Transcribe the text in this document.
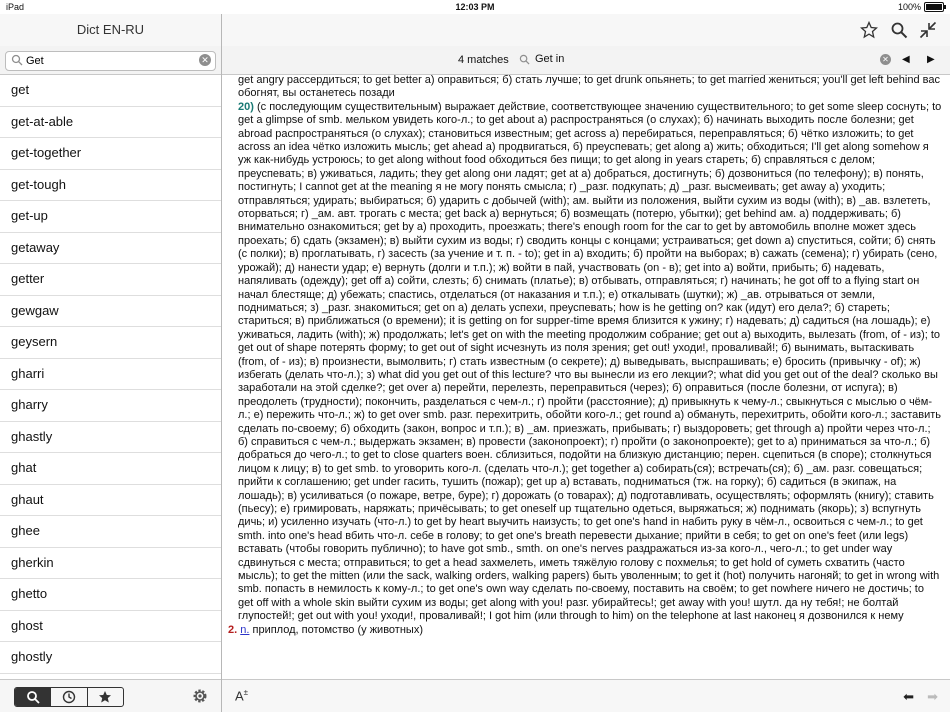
iPad	12:03 PM	100%
Dict EN-RU
Get
✕
get
get-at-able
get-together
get-tough
get-up
getaway
getter
gewgaw
geysern
gharri
gharry
ghastly
ghat
ghaut
ghee
gherkin
ghetto
ghost
ghostly
4 matches Get in	✕ ◀ ▶

get angry рассердиться; to get better а) оправиться; б) стать лучше; to get drunk опьянеть; to get married жениться; you'll get left behind вас обогнят, вы останетесь позади

20) (с последующим существительным) выражает действие, соответствующее значению существительного; to get some sleep соснуть; to get a glimpse of smb. мельком увидеть кого-л.; to get about а) распространяться (о слухах); б) начинать выходить после болезни; get abroad распространяться (о слухах); становиться известным; get across а) перебираться, переправляться; б) чётко изложить; to get across an idea чётко изложить мысль; get ahead а) продвигаться, б) преуспевать; get along а) жить; обходиться; I'll get along somehow я уж как-нибудь устроюсь; to get along without food обходиться без пищи; to get along in years стареть; б) справляться с делом; преуспевать; в) уживаться, ладить; they get along они ладят; get at а) добраться, достигнуть; б) дозвониться (по телефону); в) понять, постигнуть; I cannot get at the meaning я не могу понять смысла; г) _разг. подкупать; д) _разг. высмеивать; get away а) уходить; отправляться; удирать; выбираться; б) ударить с добычей (with); ам. выйти из положения, выйти сухим из воды (with); в) _ав. взлететь, оторваться; г) _ам. авт. трогать с места; get back а) вернуться; б) возмещать (потерю, убытки); get behind ам. а) поддерживать; б) внимательно ознакомиться; get by а) проходить, проезжать; there's enough room for the car to get by автомобиль вполне может здесь проехать; б) сдать (экзамен); в) выйти сухим из воды; г) сводить концы с концами; устраиваться; get down а) спуститься, сойти; б) снять (с полки); в) проглатывать, г) засесть (за учение и т. п. - to); get in а) входить; б) пройти на выборах; в) сажать (семена); г) убирать (сено, урожай); д) нанести удар; е) вернуть (долги и т.п.); ж) войти в пай, участвовать (on - в); get into а) войти, прибыть; б) надевать, напяливать (одежду); get off а) сойти, слезть; б) снимать (платье); в) отбывать, отправляться; г) начинать; he got off to a flying start он начал блестяще; д) убежать; спастись, отделаться (от наказания и т.п.); е) откалывать (шутки); ж) _ав. отрываться от земли, подниматься; з) _разг. знакомиться; get on а) делать успехи, преуспевать; how is he getting on? как (идут) его дела?; б) стареть; стариться; в) приближаться (о времени); it is getting on for supper-time время близится к ужину; г) надевать; д) садиться (на лошадь); е) уживаться, ладить (with); ж) продолжать; let's get on with the meeting продолжим собрание; get out а) выходить, вылезать (from, of - из); to get out of shape потерять форму; to get out of sight исчезнуть из поля зрения; get out! уходи!, проваливай!; б) вынимать, вытаскивать (from, of - из); в) произнести, вымолвить; г) стать известным (о секрете); д) выведывать, выспрашивать; е) бросить (привычку - of); ж) избегать (делать что-л.); з) what did you get out of this lecture? что вы вынесли из его лекции?; what did you get out of the deal? сколько вы заработали на этой сделке?; get over а) перейти, перелезть, переправиться (через); б) оправиться (после болезни, от испуга); в) преодолеть (трудности); покончить, разделаться с чем-л.; г) пройти (расстояние); д) привыкнуть к чему-л.; свыкнуться с мыслью о чём-л.; е) пережить что-л.; ж) to get over smb. разг. перехитрить, обойти кого-л.; get round а) обмануть, перехитрить, обойти кого-л.; заставить сделать по-своему; б) обходить (закон, вопрос и т.п.); в) _ам. приезжать, прибывать; г) выздороветь; get through а) пройти через что-л.; б) справиться с чем-л.; выдержать экзамен; в) провести (законопроект); г) пройти (о законопроекте); get to а) приниматься за что-л.; б) добраться до чего-л.; to get to close quarters воен. сблизиться, подойти на близкую дистанцию; перен. сцепиться (в споре); столкнуться лицом к лицу; в) to get smb. to уговорить кого-л. (сделать что-л.); get together а) собирать(ся); встречать(ся); б) _ам. разг. совещаться; прийти к соглашению; get under гасить, тушить (пожар); get up а) вставать, подниматься (тж. на горку); б) садиться (в экипаж, на лошадь); в) усиливаться (о пожаре, ветре, буре); г) дорожать (о товарах); д) подготавливать, осуществлять; оформлять (книгу); ставить (пьесу); е) гримировать, наряжать; причёсывать; to get oneself up тщательно одеться, выряжаться; ж) поднимать (якорь); з) вспугнуть дичь; и) усиленно изучать (что-л.) to get by heart выучить наизусть; to get one's hand in набить руку в чём-л., освоиться с чем-л.; to get smth. into one's head вбить что-л. себе в голову; to get one's breath перевести дыхание; прийти в себя; to get on one's feet (или legs) вставать (чтобы говорить публично); to have got smb., smth. on one's nerves раздражаться из-за кого-л., чего-л.; to get under way сдвинуться с места; отправиться; to get a head захмелеть, иметь тяжёлую голову с похмелья; to get hold of суметь схватить (часто мысль); to get the mitten (или the sack, walking orders, walking papers) быть уволенным; to get it (hot) получить нагоняй; to get in wrong with smb. попасть в немилость к кому-л.; to get one's own way сделать по-своему, поставить на своём; to get nowhere ничего не достичь; to get off with a whole skin выйти сухим из воды; get along with you! разг. убирайтесь!; get away with you! шутл. да ну тебя!; не болтай глупостей!; get out with you! уходи!, проваливай!; I got him (или through to him) on the telephone at last наконец я дозвонился к нему

2. n. приплод, потомство (у животных)

A±	⬅ ➡
